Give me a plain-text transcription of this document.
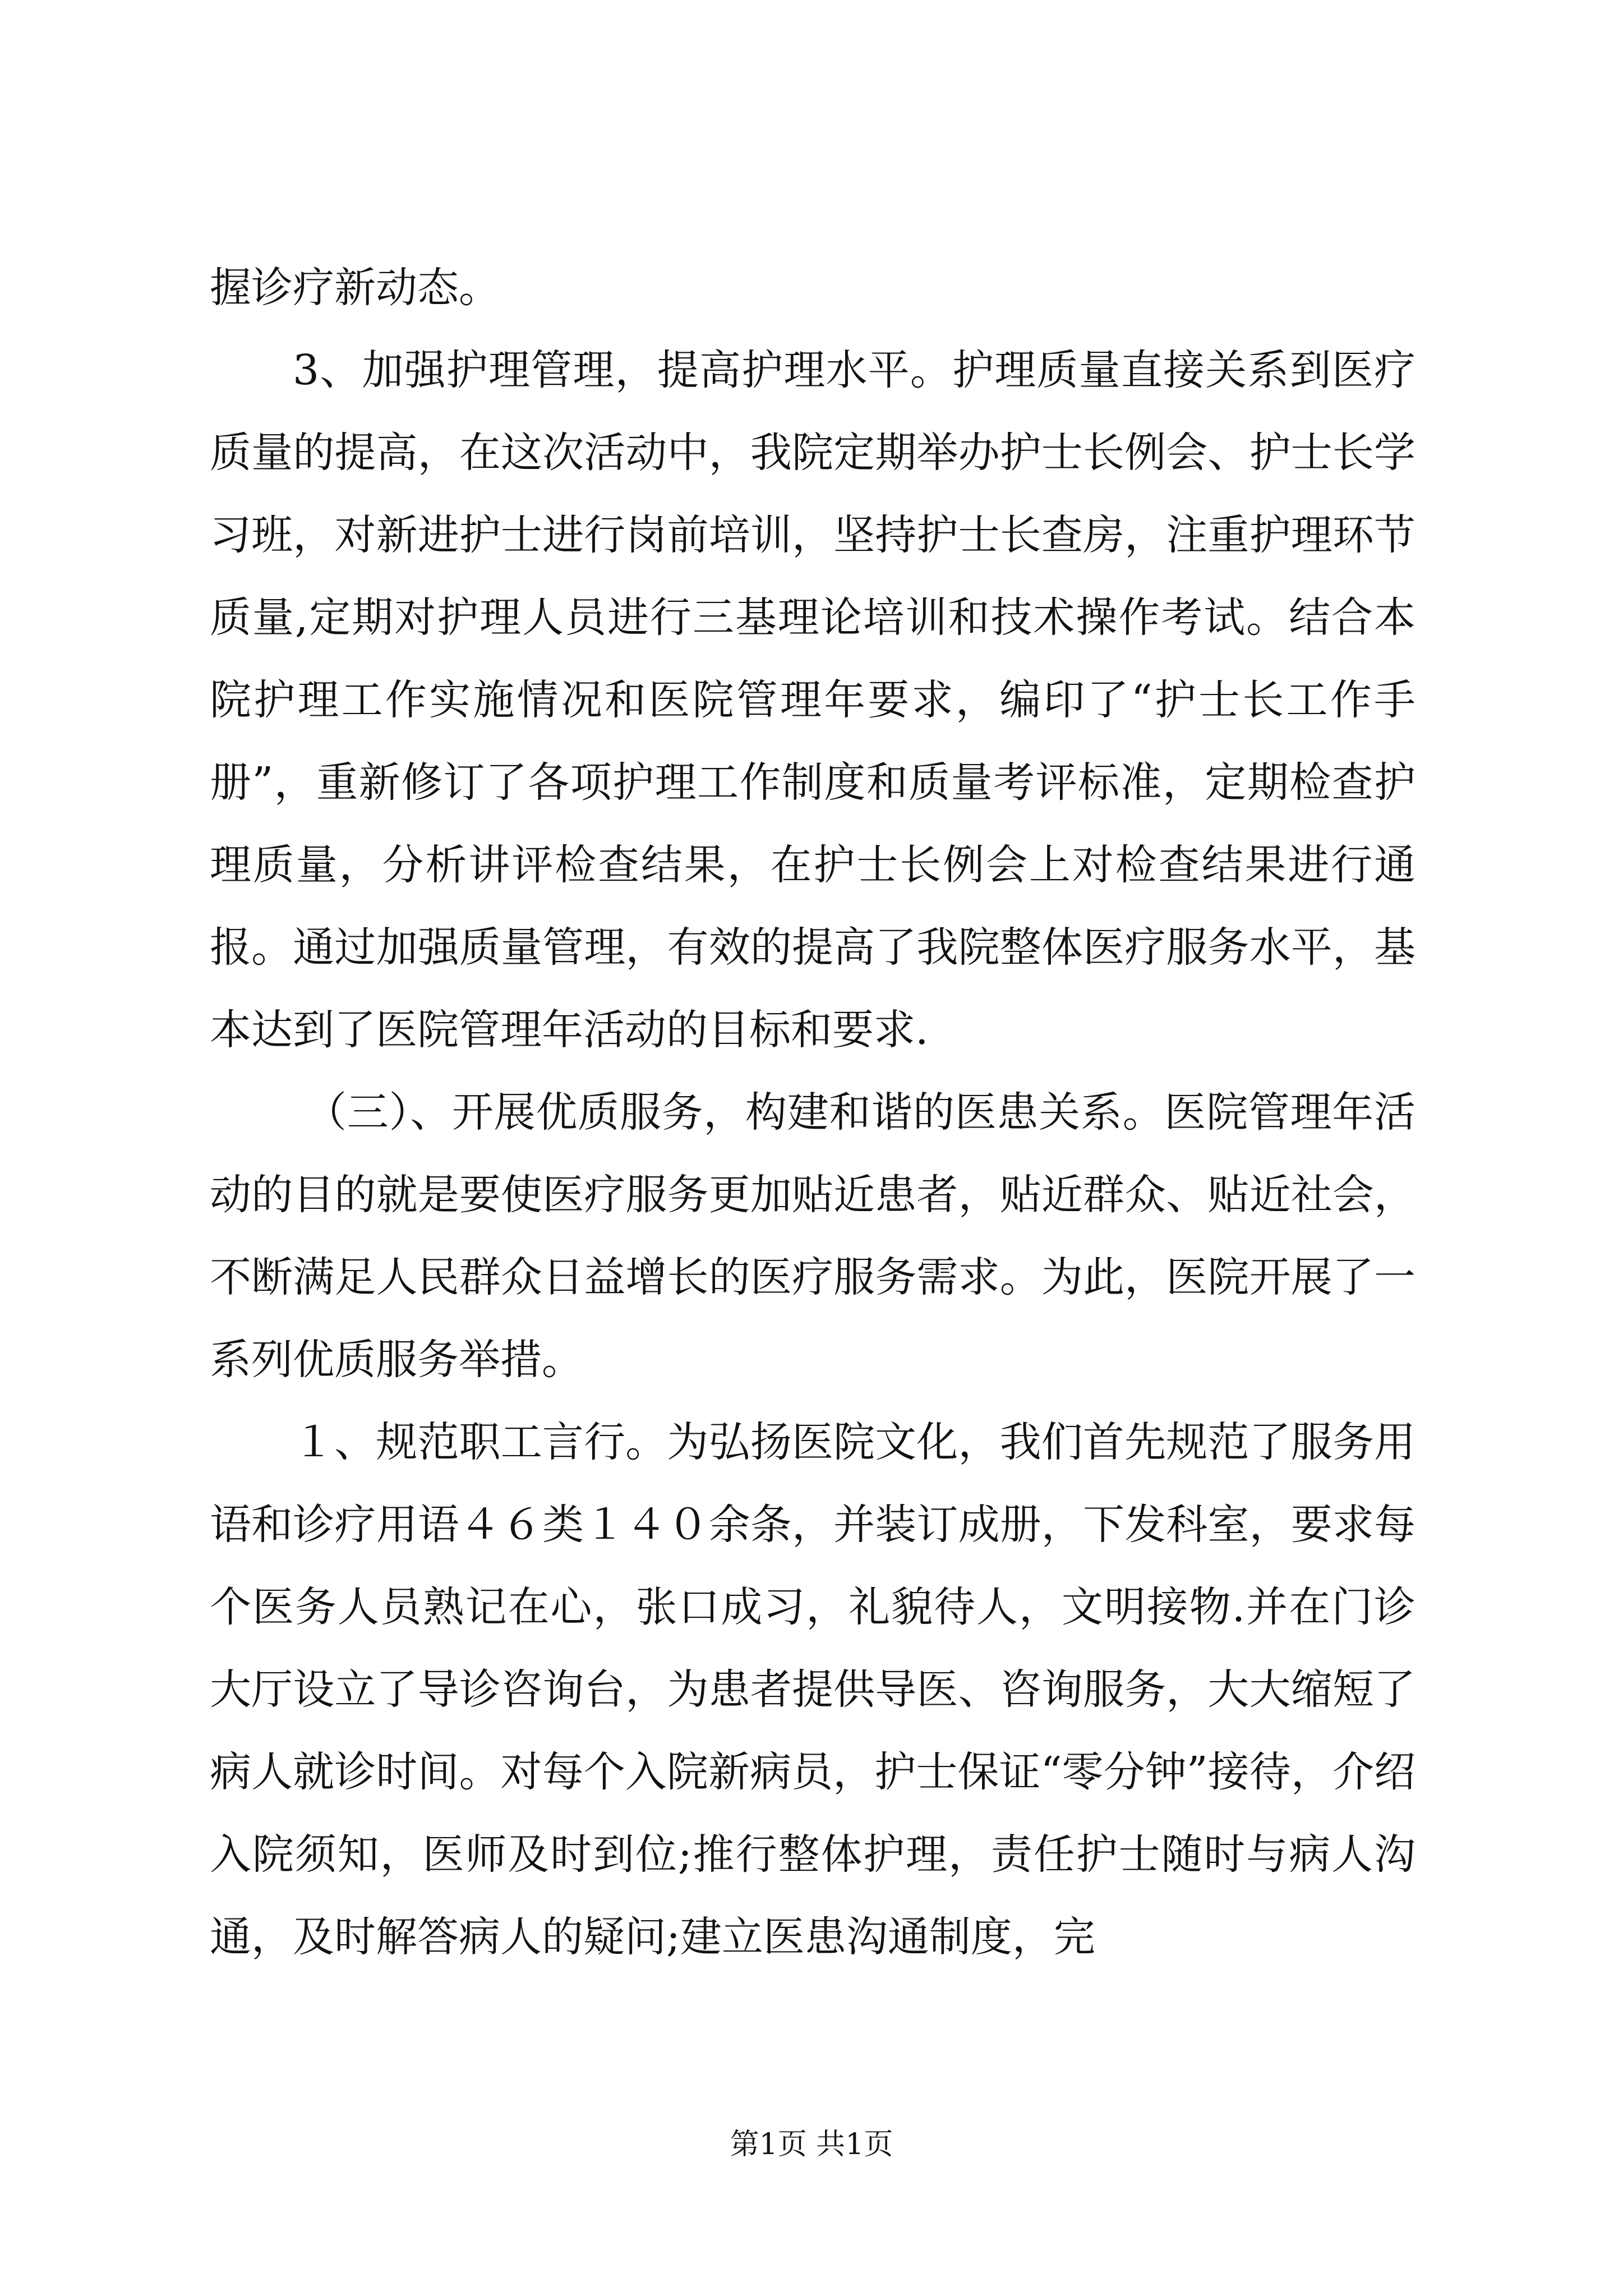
握诊疗新动态。

3、加强护理管理，提高护理水平。护理质量直接关系到医疗质量的提高，在这次活动中，我院定期举办护士长例会、护士长学习班，对新进护士进行岗前培训，坚持护士长查房，注重护理环节质量,定期对护理人员进行三基理论培训和技术操作考试。结合本院护理工作实施情况和医院管理年要求，编印了“护士长工作手册”，重新修订了各项护理工作制度和质量考评标准，定期检查护理质量，分析讲评检查结果，在护士长例会上对检查结果进行通报。通过加强质量管理，有效的提高了我院整体医疗服务水平，基本达到了医院管理年活动的目标和要求.

（三）、开展优质服务，构建和谐的医患关系。医院管理年活动的目的就是要使医疗服务更加贴近患者，贴近群众、贴近社会，不断满足人民群众日益增长的医疗服务需求。为此，医院开展了一系列优质服务举措。

１、规范职工言行。为弘扬医院文化，我们首先规范了服务用语和诊疗用语４６类１４０余条，并装订成册，下发科室，要求每个医务人员熟记在心，张口成习，礼貌待人，文明接物.并在门诊大厅设立了导诊咨询台，为患者提供导医、咨询服务，大大缩短了病人就诊时间。对每个入院新病员，护士保证“零分钟”接待，介绍入院须知，医师及时到位;推行整体护理，责任护士随时与病人沟通，及时解答病人的疑问;建立医患沟通制度，完

第1页 共1页
